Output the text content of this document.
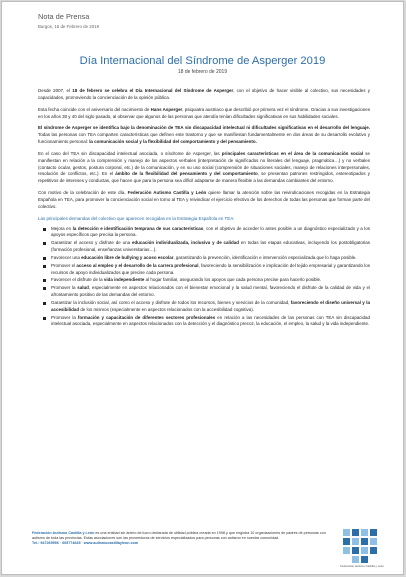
Nota de Prensa
Burgos, 15 de Febrero de 2019
Día Internacional del Síndrome de Asperger 2019
18 de febrero de 2019

Desde 2007, el 18 de febrero se celebra el Día Internacional del Síndrome de Asperger, con el objetivo de hacer visible al colectivo, sus necesidades y capacidades, promoviendo la concienciación de la opinión pública.

Esta fecha coincide con el aniversario del nacimiento de Hans Asperger, psiquiatra austriaco que describió por primera vez el síndrome. Gracias a sus investigaciones en los años 30 y 40 del siglo pasado, al observar que algunos de las personas que atendía tenían dificultades significativas en sus habilidades sociales.

El síndrome de Asperger se identifica bajo la denominación de TEA sin discapacidad intelectual ni dificultades significativas en el desarrollo del lenguaje. Todas las personas con TEA comparten características que definen este trastorno y que se manifiestan fundamentalmente en dos áreas de su desarrollo evolutivo y funcionamiento personal: la comunicación social y la flexibilidad del comportamiento y del pensamiento.

En el caso del TEA sin discapacidad intelectual asociada, o síndrome de Asperger, las principales características en el área de la comunicación social se manifiestan en relación a la comprensión y manejo de los aspectos verbales (interpretación de significados no literales del lenguaje, pragmática…) y no verbales (contacto ocular, gestos, postura corporal, etc.) de la comunicación, y en su uso social (comprensión de situaciones sociales, manejo de relaciones interpersonales, resolución de conflictos, etc.). En el ámbito de la flexibilidad del pensamiento y del comportamiento, se presentan patrones restringidos, estereotipados y repetitivos de intereses y conductas, que hacen que para la persona sea difícil adaptarse de manera flexible a las demandas cambiantes del entorno.

Con motivo de la celebración de este día, Federación Autismo Castilla y León quiere llamar la atención sobre las reivindicaciones recogidas en la Estrategia Española en TEA, para promover la concienciación social en torno al TEA y reivindicar el ejercicio efectivo de los derechos de todas las personas que forman parte del colectivo.

Las principales demandas del colectivo que aparecen recogidas en la Estrategia Española en TEA:

Mejora en la detección e identificación temprana de sus características, con el objetivo de acceder lo antes posible a un diagnóstico especializado y a los apoyos específicos que precisa la persona.
Garantizar el acceso y disfrute de una educación individualizada, inclusiva y de calidad en todas las etapas educativas, incluyendo los postobligatorias (formación profesional, enseñanzas universitarias…).
Favorecer una educación libre de bullying y acoso escolar, garantizando la prevención, identificación e intervención especializada que lo haga posible.
Promover el acceso al empleo y el desarrollo de la carrera profesional, favoreciendo la sensibilización e implicación del tejido empresarial y garantizando los recursos de apoyo individualizados que precise cada persona.
Favorecer el disfrute de la vida independiente al hogar familiar, asegurando los apoyos que cada persona precise para hacerlo posible.
Promover la salud, especialmente en aspectos relacionados con el bienestar emocional y la salud mental, favoreciendo el disfrute de la calidad de vida y el afrontamiento positivo de las demandas del entorno.
Garantizar la inclusión social, así como el acceso y disfrute de todos los recursos, bienes y servicios de la comunidad, favoreciendo el diseño universal y la accesibilidad de los mismos (especialmente en aspectos relacionados con la accesibilidad cognitiva).
Promover la formación y capacitación de diferentes sectores profesionales en relación a las necesidades de las personas con TEA sin discapacidad intelectual asociada, especialmente en aspectos relacionados con la detección y el diagnóstico precoz, la educación, el empleo, la salud y la vida independiente.
Federación Autismo Castilla y León es una entidad sin ánimo de lucro declarada de utilidad pública creada en 1998 y que engloba 10 organizaciones de padres de personas con autismo de toda las provincias. Estas asociaciones son las proveedoras de servicios especializados para personas con autismo en nuestra comunidad.
Tel.: 947265996 · 605774645 · www.autismocastillayleon.com
Federación Autismo Castilla y León
